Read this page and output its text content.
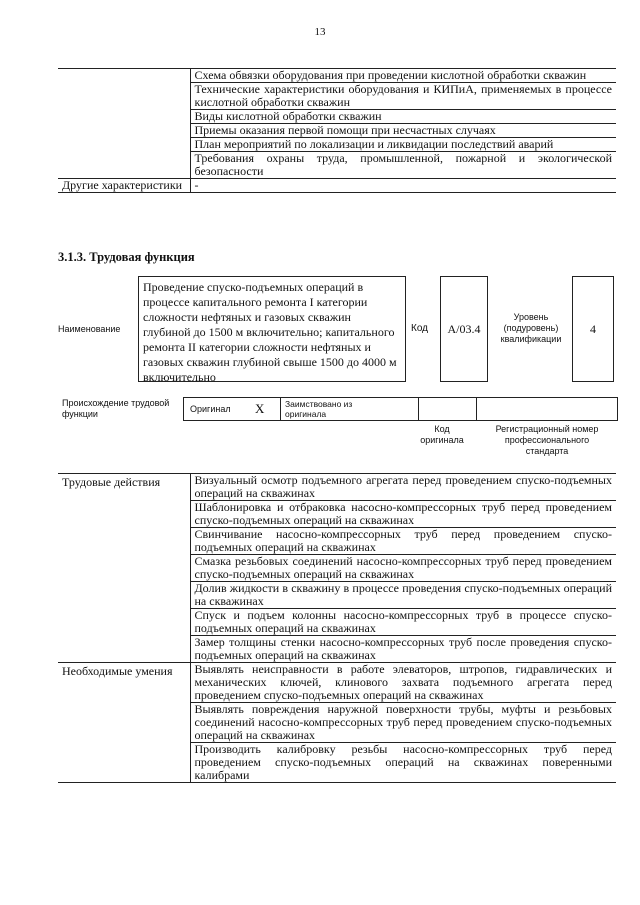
13
	Схема обвязки оборудования при проведении кислотной обработки скважин
	Технические характеристики оборудования и КИПиА, применяемых в процессе кислотной обработки скважин
	Виды кислотной обработки скважин
	Приемы оказания первой помощи при несчастных случаях
	План мероприятий по локализации и ликвидации последствий аварий
	Требования охраны труда, промышленной, пожарной и экологической безопасности
Другие характеристики	-
3.1.3. Трудовая функция
Наименование
Проведение спуско-подъемных операций в процессе капитального ремонта I категории сложности нефтяных и газовых скважин глубиной до 1500 м включительно; капитального ремонта II категории сложности нефтяных и газовых скважин глубиной свыше 1500 до 4000 м включительно
Код	A/03.4
Уровень (подуровень) квалификации
4
Происхождение трудовой функции	Оригинал X Заимствовано из оригинала
Код оригинала
Регистрационный номер профессионального стандарта
Трудовые действия	Визуальный осмотр подъемного агрегата перед проведением спуско-подъемных операций на скважинах
	Шаблонировка и отбраковка насосно-компрессорных труб перед проведением спуско-подъемных операций на скважинах
	Свинчивание насосно-компрессорных труб перед проведением спуско-подъемных операций на скважинах
	Смазка резьбовых соединений насосно-компрессорных труб перед проведением спуско-подъемных операций на скважинах
	Долив жидкости в скважину в процессе проведения спуско-подъемных операций на скважинах
	Спуск и подъем колонны насосно-компрессорных труб в процессе спуско-подъемных операций на скважинах
	Замер толщины стенки насосно-компрессорных труб после проведения спуско-подъемных операций на скважинах
Необходимые умения	Выявлять неисправности в работе элеваторов, штропов, гидравлических и механических ключей, клинового захвата подъемного агрегата перед проведением спуско-подъемных операций на скважинах
	Выявлять повреждения наружной поверхности трубы, муфты и резьбовых соединений насосно-компрессорных труб перед проведением спуско-подъемных операций на скважинах
	Производить калибровку резьбы насосно-компрессорных труб перед проведением спуско-подъемных операций на скважинах поверенными калибрами
